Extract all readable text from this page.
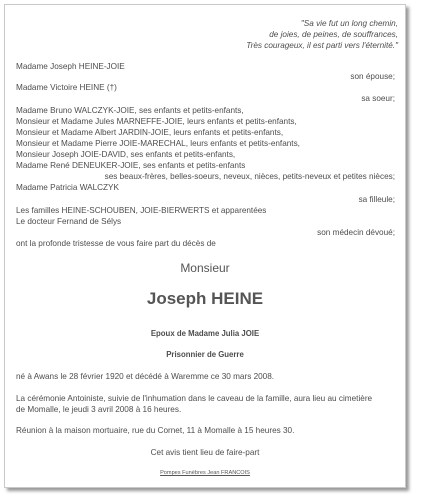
"Sa vie fut un long chemin,
de joies, de peines, de souffrances,
Très courageux, il est parti vers l'éternité."
Madame Joseph HEINE-JOIE
son épouse;
Madame Victoire HEINE (†)
sa soeur;
Madame Bruno WALCZYK-JOIE, ses enfants et petits-enfants,
Monsieur et Madame Jules MARNEFFE-JOIE, leurs enfants et petits-enfants,
Monsieur et Madame Albert JARDIN-JOIE, leurs enfants et petits-enfants,
Monsieur et Madame Pierre JOIE-MARECHAL, leurs enfants et petits-enfants,
Monsieur Joseph JOIE-DAVID, ses enfants et petits-enfants,
Madame René DENEUKER-JOIE, ses enfants et petits-enfants
ses beaux-frères, belles-soeurs, neveux, nièces, petits-neveux et petites nièces;
Madame Patricia WALCZYK
sa filleule;
Les familles HEINE-SCHOUBEN, JOIE-BIERWERTS et apparentées
Le docteur Fernand de Sélys
son médecin dévoué;
ont la profonde tristesse de vous faire part du décès de
Monsieur
Joseph HEINE
Epoux de Madame Julia JOIE
Prisonnier de Guerre
né à Awans le 28 février 1920 et décédé à Waremme ce 30 mars 2008.
La cérémonie Antoiniste, suivie de l'inhumation dans le caveau de la famille, aura lieu au cimetière
de Momalle, le jeudi 3 avril 2008 à 16 heures.
Réunion à la maison mortuaire, rue du Cornet, 11 à Momalle à 15 heures 30.
Cet avis tient lieu de faire-part
Pompes Funèbres Jean FRANCOIS
